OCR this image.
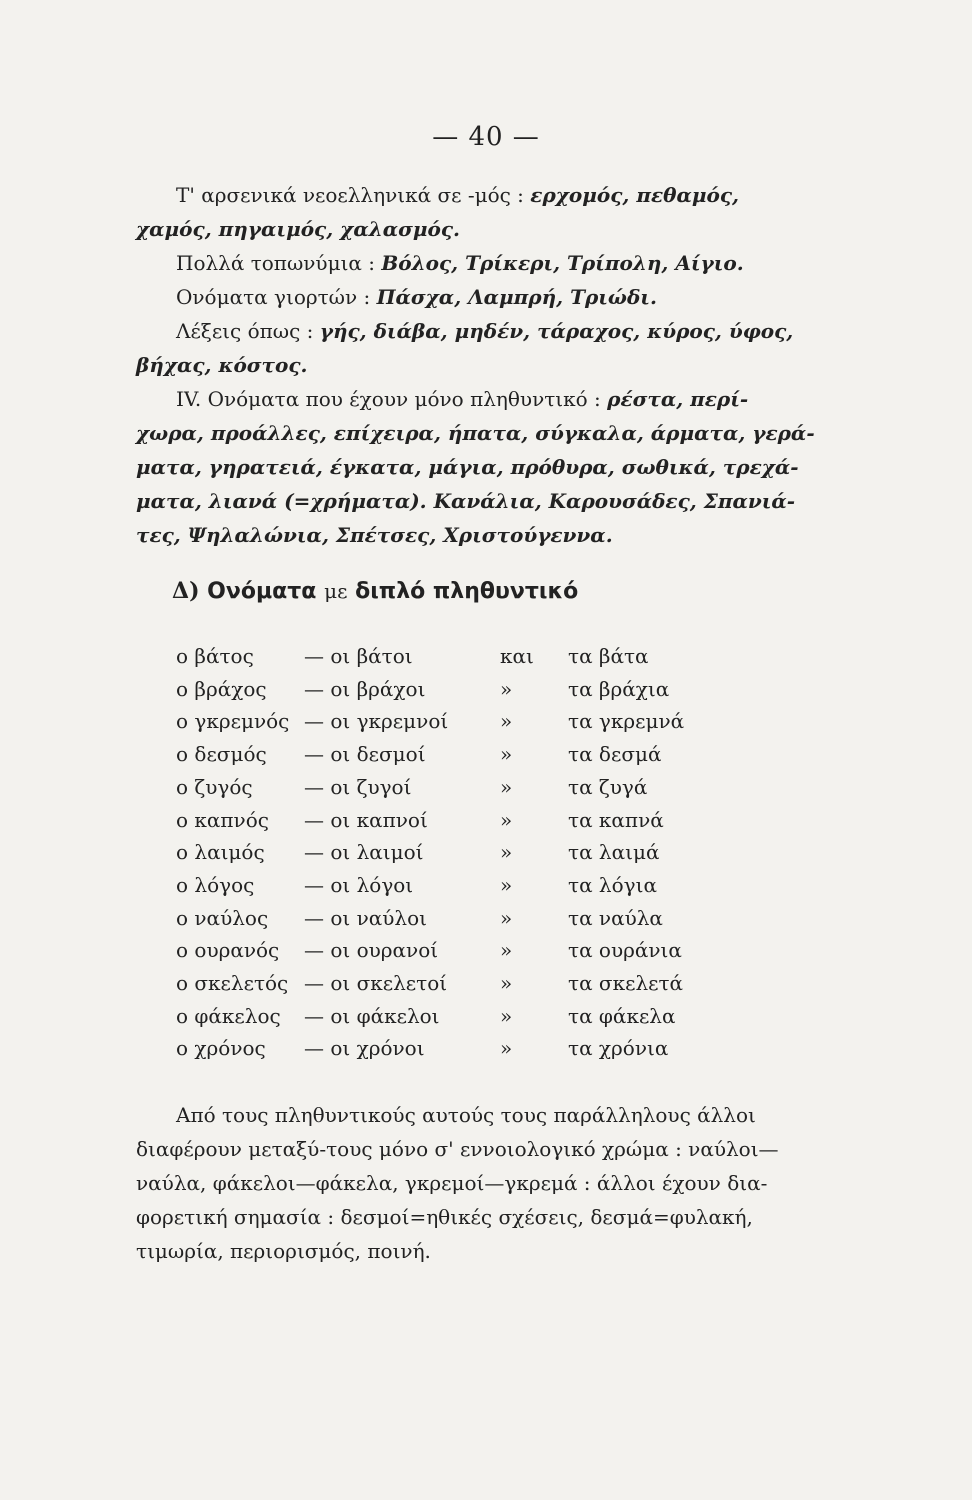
— 40 —
Τ' αρσενικά νεοελληνικά σε -μός : ερχομός, πεθαμός,
χαμός, πηγαιμός, χαλασμός.
Πολλά τοπωνύμια : Βόλος, Τρίκερι, Τρίπολη, Αίγιο.
Ονόματα γιορτών : Πάσχα, Λαμπρή, Τριώδι.
Λέξεις όπως : γής, διάβα, μηδέν, τάραχος, κύρος, ύφος,
βήχας, κόστος.
IV. Ονόματα που έχουν μόνο πληθυντικό : ρέστα, περί-
χωρα, προάλλες, επίχειρα, ήπατα, σύγκαλα, άρματα, γερά-
ματα, γηρατειά, έγκατα, μάγια, πρόθυρα, σωθικά, τρεχά-
ματα, λιανά (=χρήματα). Κανάλια, Καρουσάδες, Σπανιά-
τες, Ψηλαλώνια, Σπέτσες, Χριστούγεννα.
Δ) Ονόματα με διπλό πληθυντικό
ο βάτος	— οι βάτοι	και τα βάτα
ο βράχος — οι βράχοι	»	τα βράχια
ο γκρεμνός — οι γκρεμνοί	»	τα γκρεμνά
ο δεσμός — οι δεσμοί	»	τα δεσμά
ο ζυγός	— οι ζυγοί	»	τα ζυγά
ο καπνός — οι καπνοί	»	τα καπνά
ο λαιμός — οι λαιμοί	»	τα λαιμά
ο λόγος — οι λόγοι	»	τα λόγια
ο ναύλος — οι ναύλοι	»	τα ναύλα
ο ουρανός — οι ουρανοί	»	τα ουράνια
ο σκελετός — οι σκελετοί	»	τα σκελετά
ο φάκελος — οι φάκελοι	»	τα φάκελα
ο χρόνος — οι χρόνοι	»	τα χρόνια
Από τους πληθυντικούς αυτούς τους παράλληλους άλλοι
διαφέρουν μεταξύ-τους μόνο σ' εννοιολογικό χρώμα : ναύλοι—
ναύλα, φάκελοι—φάκελα, γκρεμοί—γκρεμά : άλλοι έχουν δια-
φορετική σημασία : δεσμοί=ηθικές σχέσεις, δεσμά=φυλακή,
τιμωρία, περιορισμός, ποινή.
